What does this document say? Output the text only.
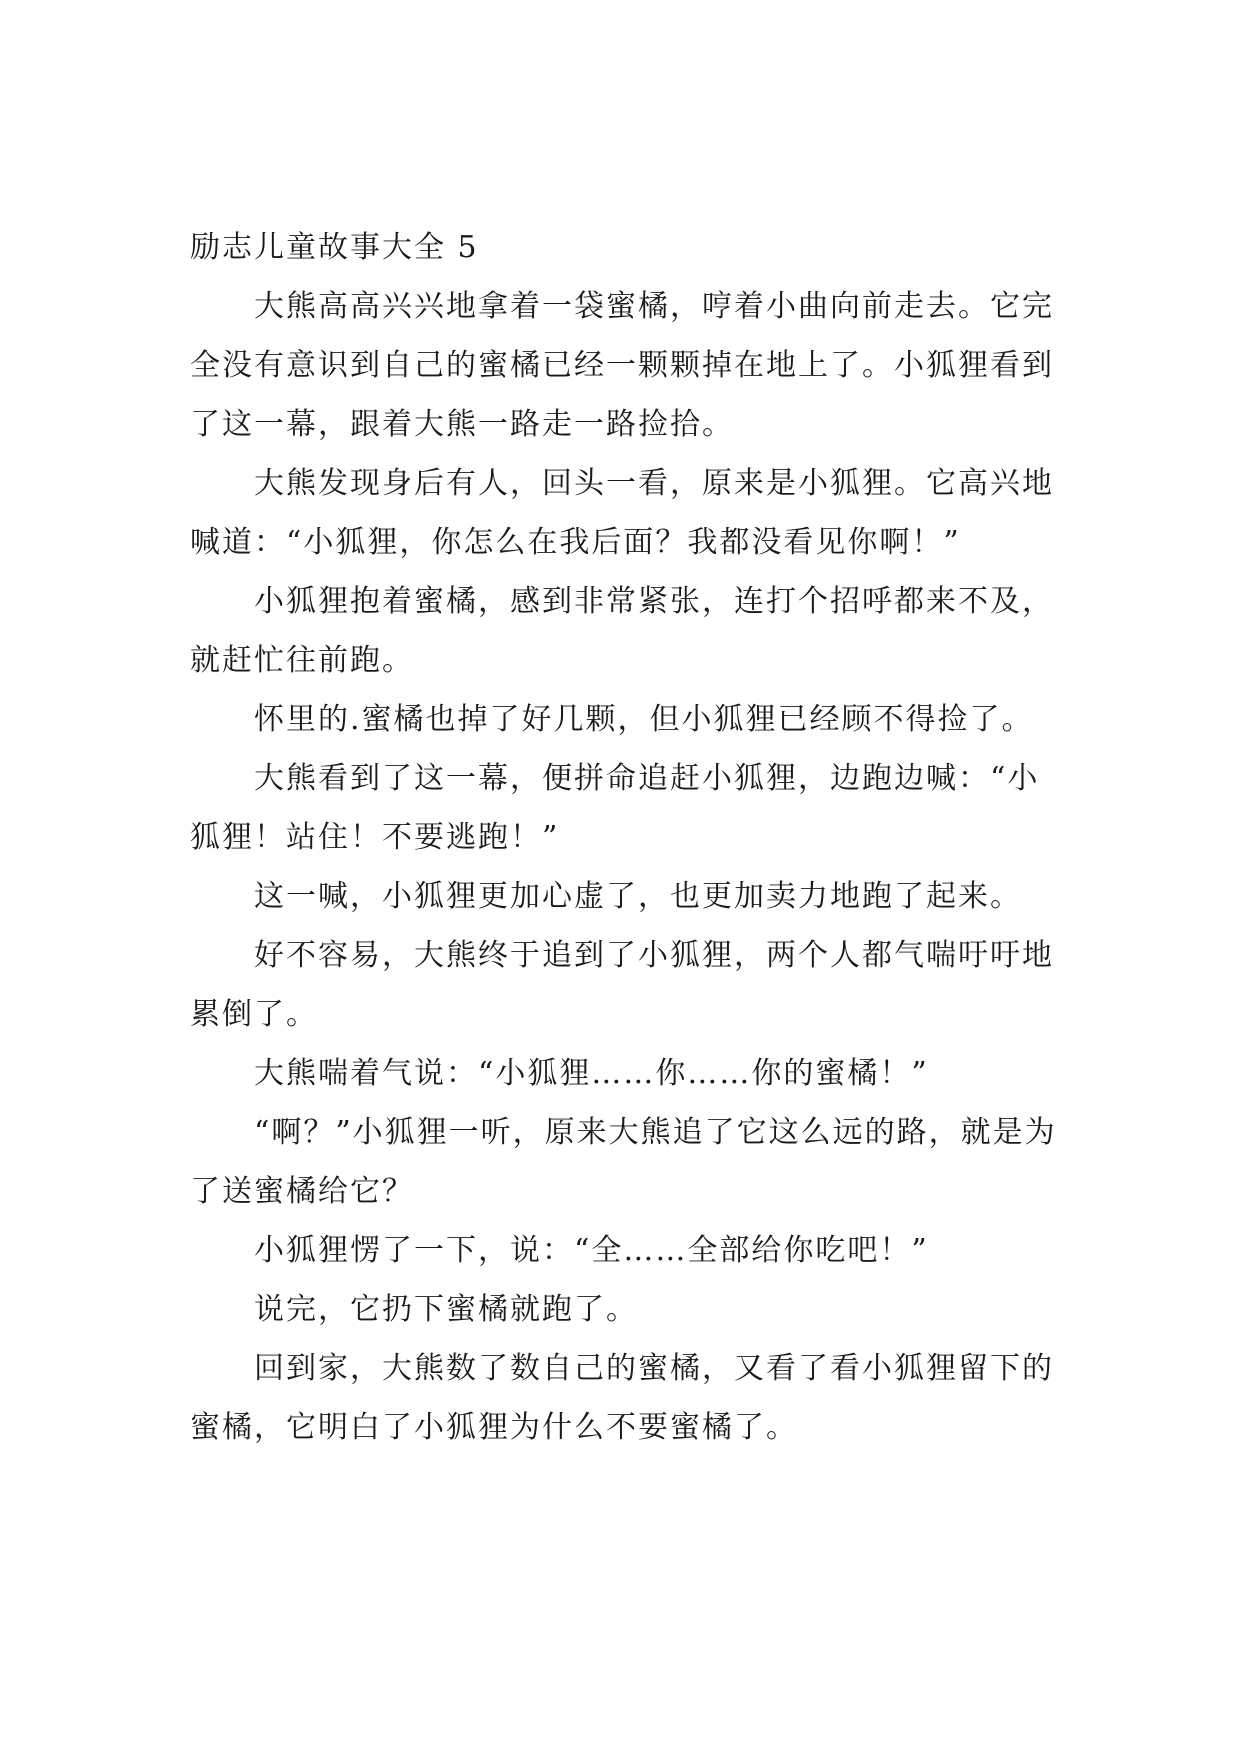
励志儿童故事大全 5

大熊高高兴兴地拿着一袋蜜橘，哼着小曲向前走去。它完全没有意识到自己的蜜橘已经一颗颗掉在地上了。小狐狸看到了这一幕，跟着大熊一路走一路捡拾。

大熊发现身后有人，回头一看，原来是小狐狸。它高兴地喊道：“小狐狸，你怎么在我后面？我都没看见你啊！”

小狐狸抱着蜜橘，感到非常紧张，连打个招呼都来不及，就赶忙往前跑。

怀里的.蜜橘也掉了好几颗，但小狐狸已经顾不得捡了。

大熊看到了这一幕，便拼命追赶小狐狸，边跑边喊：“小狐狸！站住！不要逃跑！”

这一喊，小狐狸更加心虚了，也更加卖力地跑了起来。

好不容易，大熊终于追到了小狐狸，两个人都气喘吁吁地累倒了。

大熊喘着气说：“小狐狸……你……你的蜜橘！”

“啊？”小狐狸一听，原来大熊追了它这么远的路，就是为了送蜜橘给它？

小狐狸愣了一下，说：“全……全部给你吃吧！”

说完，它扔下蜜橘就跑了。

回到家，大熊数了数自己的蜜橘，又看了看小狐狸留下的蜜橘，它明白了小狐狸为什么不要蜜橘了。
